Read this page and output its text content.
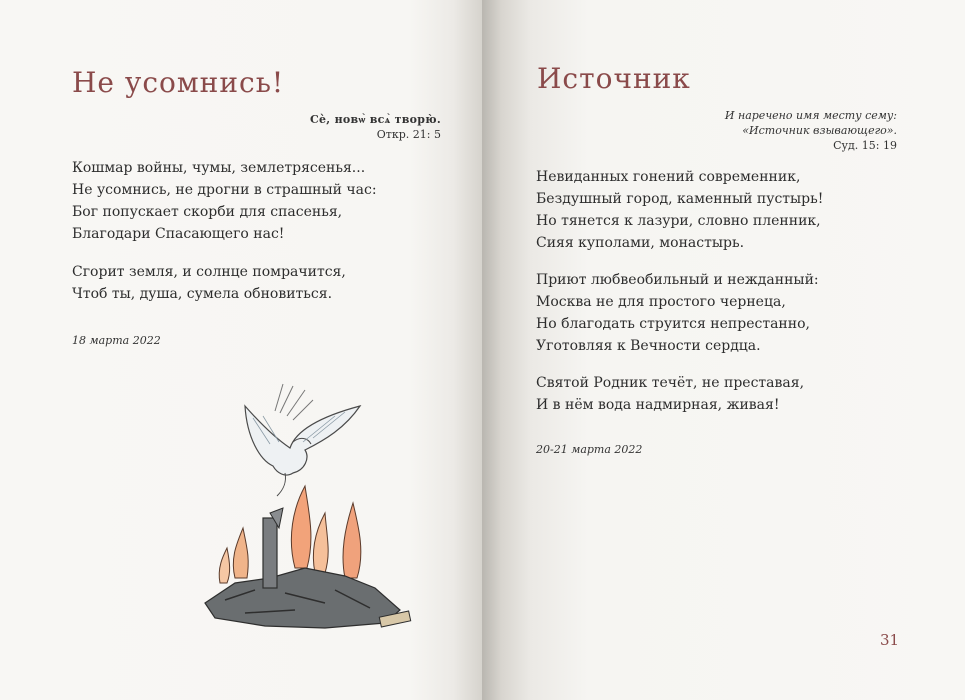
Не усомнись!
Сѐ, новѡ̀ всѧ̀ творю̀.
Откр. 21: 5
Кошмар войны, чумы, землетрясенья...
Не усомнись, не дрогни в страшный час:
Бог попускает скорби для спасенья,
Благодари Спасающего нас!
Сгорит земля, и солнце помрачится,
Чтоб ты, душа, сумела обновиться.
18 марта 2022
Источник
И наречено имя месту сему:
«Источник взывающего».
Суд. 15: 19
Невиданных гонений современник,
Бездушный город, каменный пустырь!
Но тянется к лазури, словно пленник,
Сияя куполами, монастырь.
Приют любвеобильный и нежданный:
Москва не для простого чернеца,
Но благодать струится непрестанно,
Уготовляя к Вечности сердца.
Святой Родник течёт, не преставая,
И в нём вода надмирная, живая!
20-21 марта 2022
31
